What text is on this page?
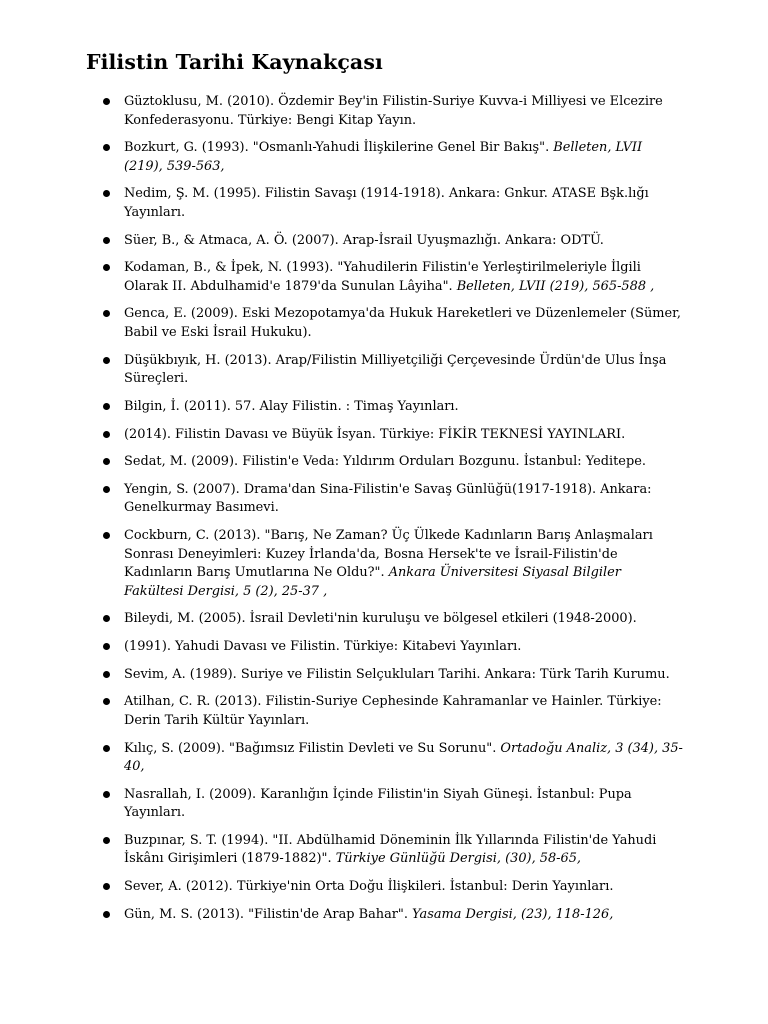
Filistin Tarihi Kaynakçası
Güztoklusu, M. (2010). Özdemir Bey'in Filistin-Suriye Kuvva-i Milliyesi ve Elcezire Konfederasyonu. Türkiye: Bengi Kitap Yayın.
Bozkurt, G. (1993). "Osmanlı-Yahudi İlişkilerine Genel Bir Bakış". Belleten, LVII (219), 539-563,
Nedim, Ş. M. (1995). Filistin Savaşı (1914-1918). Ankara: Gnkur. ATASE Bşk.lığı Yayınları.
Süer, B., & Atmaca, A. Ö. (2007). Arap-İsrail Uyuşmazlığı. Ankara: ODTÜ.
Kodaman, B., & İpek, N. (1993). "Yahudilerin Filistin'e Yerleştirilmeleriyle İlgili Olarak II. Abdulhamid'e 1879'da Sunulan Lâyiha". Belleten, LVII (219), 565-588 ,
Genca, E. (2009). Eski Mezopotamya'da Hukuk Hareketleri ve Düzenlemeler (Sümer, Babil ve Eski İsrail Hukuku).
Düşükbıyık, H. (2013). Arap/Filistin Milliyetçiliği Çerçevesinde Ürdün'de Ulus İnşa Süreçleri.
Bilgin, İ. (2011). 57. Alay Filistin. : Timaş Yayınları.
(2014). Filistin Davası ve Büyük İsyan. Türkiye: FİKİR TEKNESİ YAYINLARI.
Sedat, M. (2009). Filistin'e Veda: Yıldırım Orduları Bozgunu. İstanbul: Yeditepe.
Yengin, S. (2007). Drama'dan Sina-Filistin'e Savaş Günlüğü(1917-1918). Ankara: Genelkurmay Basımevi.
Cockburn, C. (2013). "Barış, Ne Zaman? Üç Ülkede Kadınların Barış Anlaşmaları Sonrası Deneyimleri: Kuzey İrlanda'da, Bosna Hersek'te ve İsrail-Filistin'de Kadınların Barış Umutlarına Ne Oldu?". Ankara Üniversitesi Siyasal Bilgiler Fakültesi Dergisi, 5 (2), 25-37 ,
Bileydi, M. (2005). İsrail Devleti'nin kuruluşu ve bölgesel etkileri (1948-2000).
(1991). Yahudi Davası ve Filistin. Türkiye: Kitabevi Yayınları.
Sevim, A. (1989). Suriye ve Filistin Selçukluları Tarihi. Ankara: Türk Tarih Kurumu.
Atilhan, C. R. (2013). Filistin-Suriye Cephesinde Kahramanlar ve Hainler. Türkiye: Derin Tarih Kültür Yayınları.
Kılıç, S. (2009). "Bağımsız Filistin Devleti ve Su Sorunu". Ortadoğu Analiz, 3 (34), 35-40,
Nasrallah, I. (2009). Karanlığın İçinde Filistin'in Siyah Güneşi. İstanbul: Pupa Yayınları.
Buzpınar, S. T. (1994). "II. Abdülhamid Döneminin İlk Yıllarında Filistin'de Yahudi İskânı Girişimleri (1879-1882)". Türkiye Günlüğü Dergisi, (30), 58-65,
Sever, A. (2012). Türkiye'nin Orta Doğu İlişkileri. İstanbul: Derin Yayınları.
Gün, M. S. (2013). "Filistin'de Arap Bahar". Yasama Dergisi, (23), 118-126,
